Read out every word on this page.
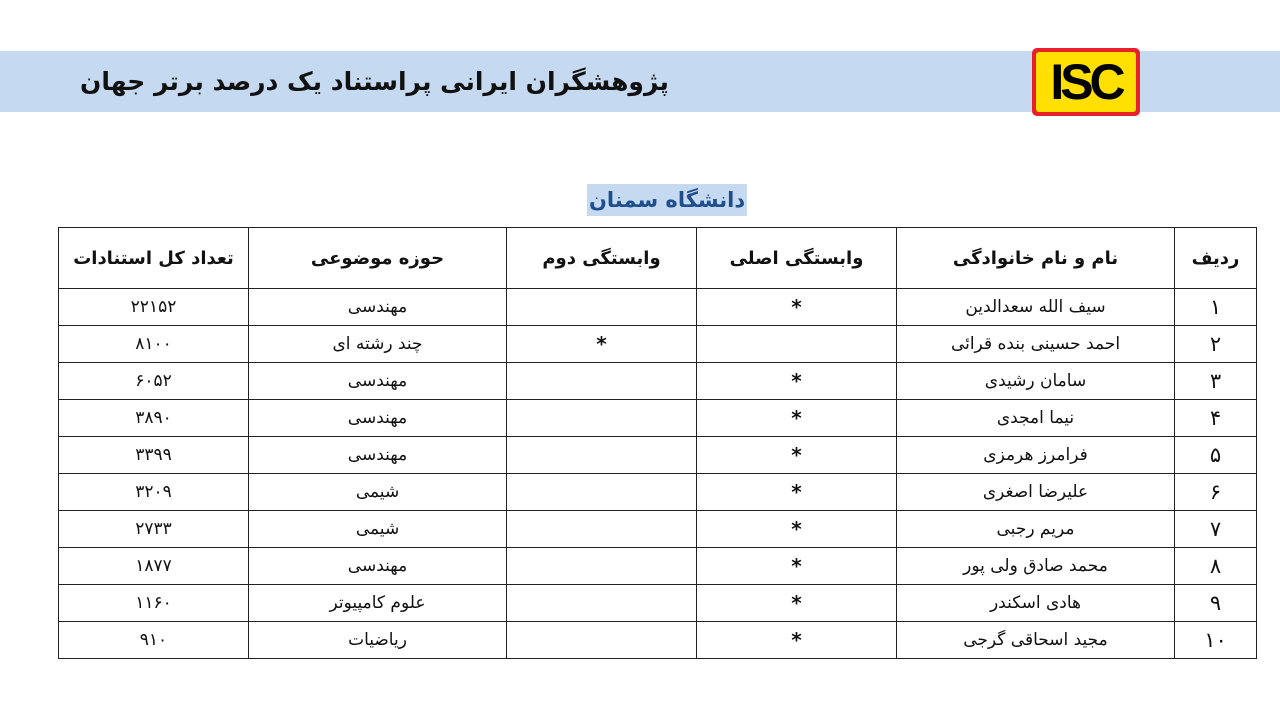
پژوهشگران ایرانی پراستناد یک درصد برتر جهان	ISC
دانشگاه سمنان
ردیف	نام و نام خانوادگی	وابستگی اصلی	وابستگی دوم	حوزه موضوعی	تعداد کل استنادات
۱	سیف الله سعدالدین	*		مهندسی	۲۲۱۵۲
۲	احمد حسینی بنده قرائی		*	چند رشته ای	۸۱۰۰
۳	سامان رشیدی	*		مهندسی	۶۰۵۲
۴	نیما امجدی	*		مهندسی	۳۸۹۰
۵	فرامرز هرمزی	*		مهندسی	۳۳۹۹
۶	علیرضا اصغری	*		شیمی	۳۲۰۹
۷	مریم رجبی	*		شیمی	۲۷۳۳
۸	محمد صادق ولی پور	*		مهندسی	۱۸۷۷
۹	هادی اسکندر	*		علوم کامپیوتر	۱۱۶۰
۱۰	مجید اسحاقی گرجی	*		ریاضیات	۹۱۰
